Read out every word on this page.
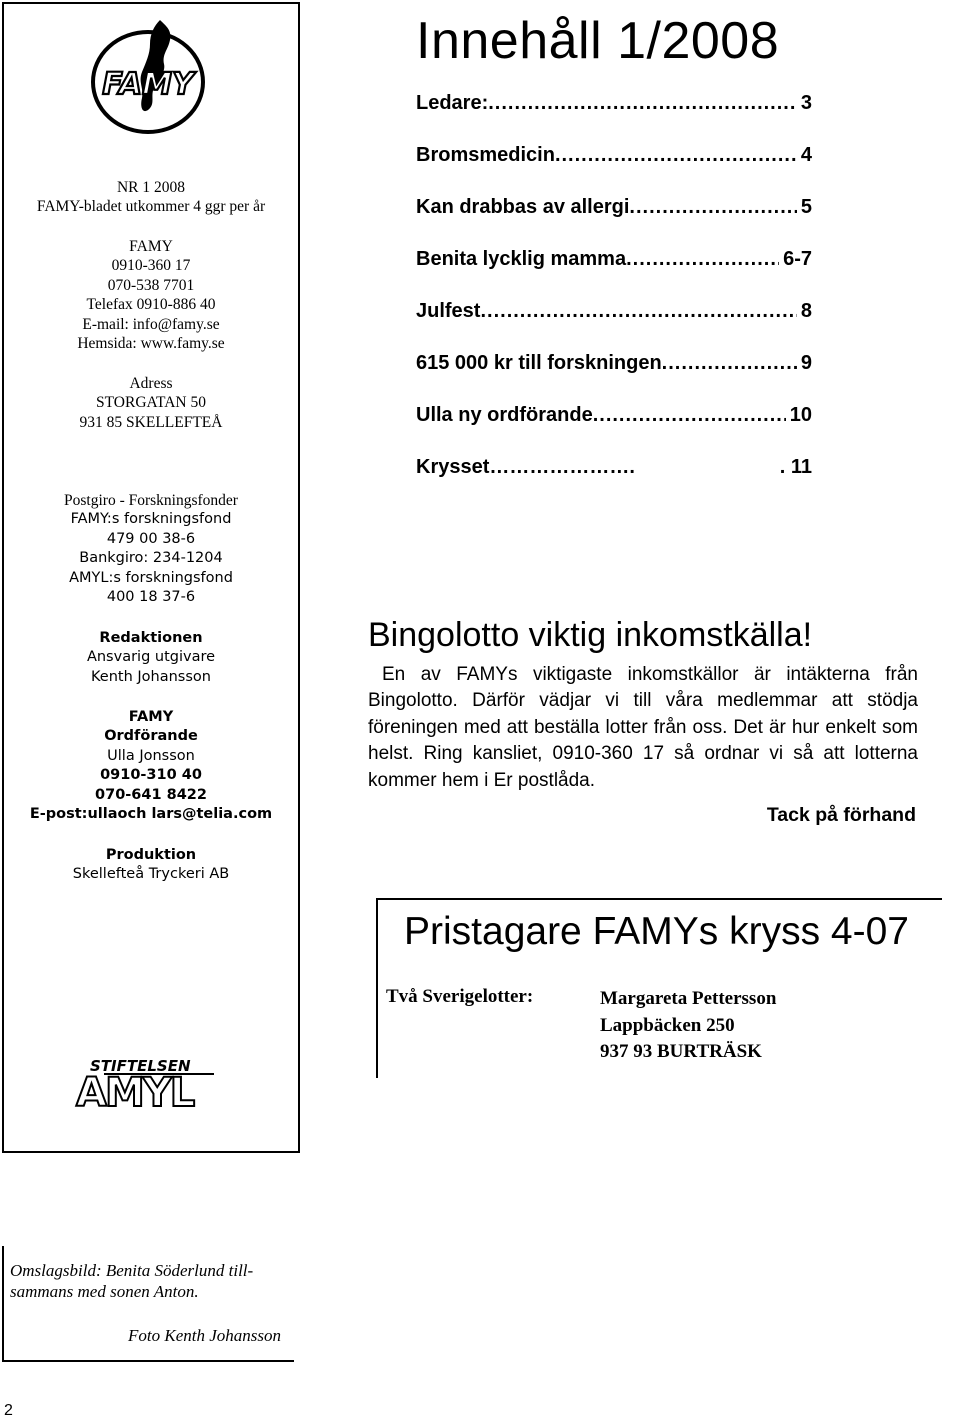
FAMY
NR 1 2008
FAMY-bladet utkommer 4 ggr per år
FAMY
0910-360 17
070-538 7701
Telefax 0910-886 40
E-mail: info@famy.se
Hemsida: www.famy.se
Adress
STORGATAN 50
931 85 SKELLEFTEÅ
Postgiro - Forskningsfonder
FAMY:s forskningsfond
479 00 38-6
Bankgiro: 234-1204
AMYL:s forskningsfond
400 18 37-6
Redaktionen
Ansvarig utgivare
Kenth Johansson
FAMY
Ordförande
Ulla Jonsson
0910-310 40
070-641 8422
E-post:ullaoch lars@telia.com
Produktion
Skellefteå Tryckeri AB
STIFTELSEN
AMYL
Innehåll 1/2008
Ledare: .....	3
Bromsmedicin .....	4
Kan drabbas av allergi .....	5
Benita lycklig mamma .....	6-7
Julfest .....	8
615 000 kr till forskningen .....	9
Ulla ny ordförande .....	10
Krysset………………….	. 11
Bingolotto viktig inkomstkälla!

En av FAMYs viktigaste inkomstkällor är intäkterna från Bingolotto. Därför vädjar vi till våra medlemmar att stödja föreningen med att beställa lotter från oss. Det är hur enkelt som helst. Ring kansliet, 0910-360 17 så ordnar vi så att lotterna kommer hem i Er postlåda.

Tack på förhand
Pristagare FAMYs kryss 4-07
Två Sverigelotter:	Margareta Pettersson
Lappbäcken 250
937 93 BURTRÄSK
Omslagsbild: Benita Söderlund till-
sammans med sonen Anton.
Foto Kenth Johansson
2
